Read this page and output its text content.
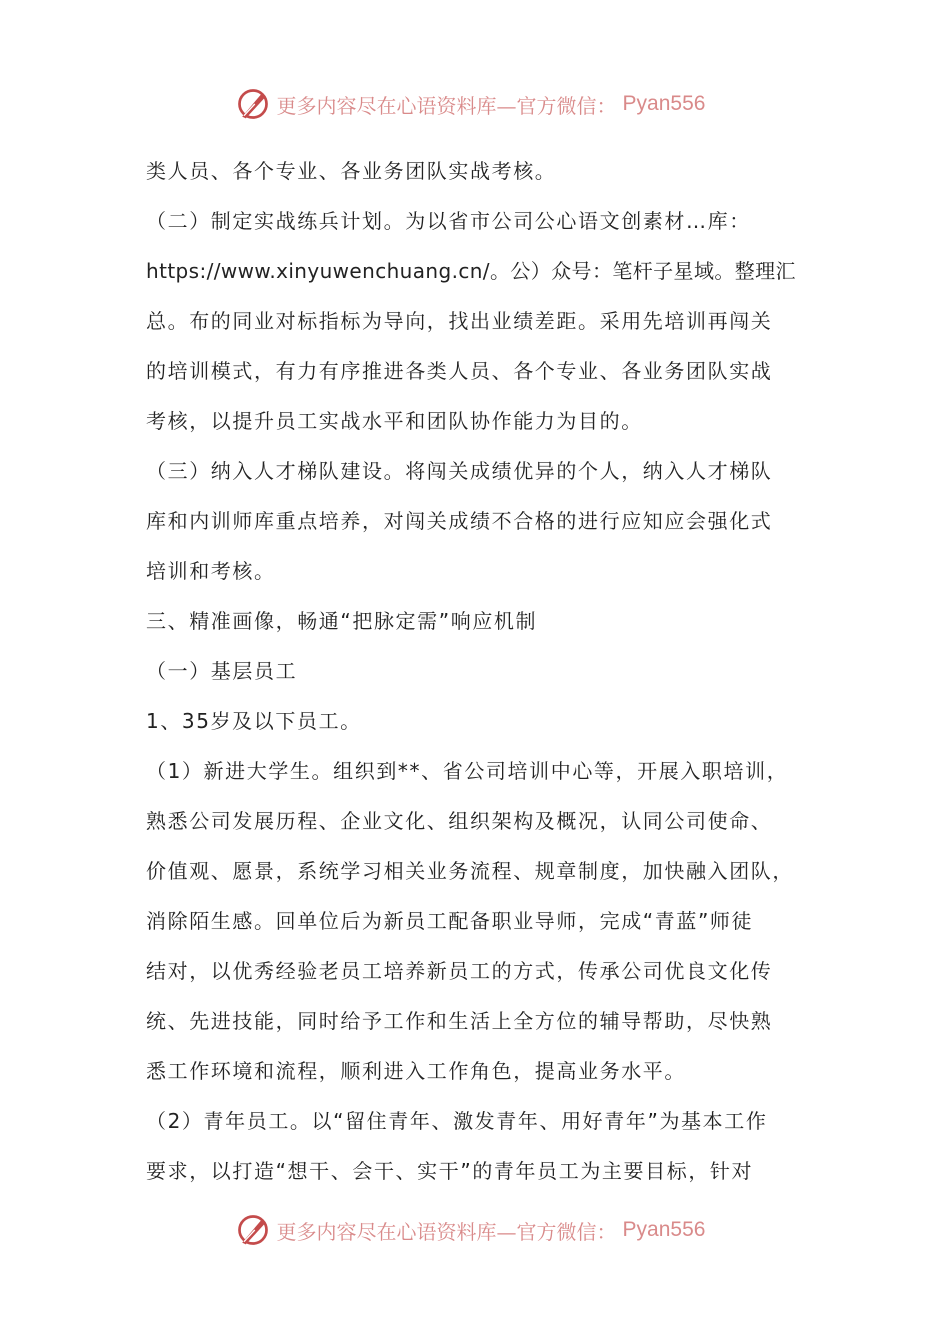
更多内容尽在心语资料库—官方微信： Pyan556
类人员、各个专业、各业务团队实战考核。
（二）制定实战练兵计划。为以省市公司公心语文创素材…库：
https://www.xinyuwenchuang.cn/。公）众号：笔杆子星域。整理汇
总。布的同业对标指标为导向，找出业绩差距。采用先培训再闯关
的培训模式，有力有序推进各类人员、各个专业、各业务团队实战
考核，以提升员工实战水平和团队协作能力为目的。
（三）纳入人才梯队建设。将闯关成绩优异的个人，纳入人才梯队
库和内训师库重点培养，对闯关成绩不合格的进行应知应会强化式
培训和考核。
三、精准画像，畅通“把脉定需”响应机制
（一）基层员工
1、35岁及以下员工。
（1）新进大学生。组织到**、省公司培训中心等，开展入职培训，
熟悉公司发展历程、企业文化、组织架构及概况，认同公司使命、
价值观、愿景，系统学习相关业务流程、规章制度，加快融入团队，
消除陌生感。回单位后为新员工配备职业导师，完成“青蓝”师徒
结对，以优秀经验老员工培养新员工的方式，传承公司优良文化传
统、先进技能，同时给予工作和生活上全方位的辅导帮助，尽快熟
悉工作环境和流程，顺利进入工作角色，提高业务水平。
（2）青年员工。以“留住青年、激发青年、用好青年”为基本工作
要求，以打造“想干、会干、实干”的青年员工为主要目标，针对
更多内容尽在心语资料库—官方微信： Pyan556
